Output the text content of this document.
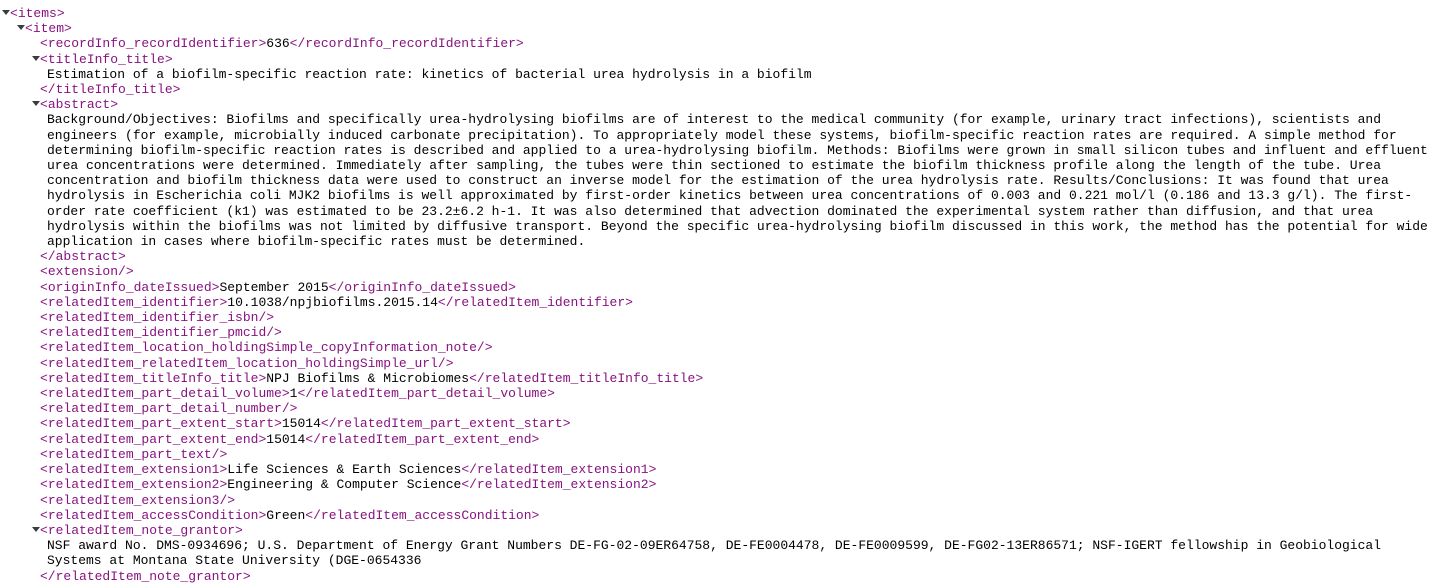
< items >
< item >
< recordInfo_recordIdentifier > 636 </ recordInfo_recordIdentifier >
< titleInfo_title >
Estimation of a biofilm-specific reaction rate: kinetics of bacterial urea hydrolysis in a biofilm
</ titleInfo_title >
< abstract >
Background/Objectives: Biofilms and specifically urea-hydrolysing biofilms are of interest to the medical community (for example, urinary tract infections), scientists and engineers (for example, microbially induced carbonate precipitation). To appropriately model these systems, biofilm-specific reaction rates are required. A simple method for determining biofilm-specific reaction rates is described and applied to a urea-hydrolysing biofilm. Methods: Biofilms were grown in small silicon tubes and influent and effluent urea concentrations were determined. Immediately after sampling, the tubes were thin sectioned to estimate the biofilm thickness profile along the length of the tube. Urea concentration and biofilm thickness data were used to construct an inverse model for the estimation of the urea hydrolysis rate. Results/Conclusions: It was found that urea hydrolysis in Escherichia coli MJK2 biofilms is well approximated by first-order kinetics between urea concentrations of 0.003 and 0.221 mol/l (0.186 and 13.3 g/l). The first-order rate coefficient (k1) was estimated to be 23.2±6.2 h-1. It was also determined that advection dominated the experimental system rather than diffusion, and that urea hydrolysis within the biofilms was not limited by diffusive transport. Beyond the specific urea-hydrolysing biofilm discussed in this work, the method has the potential for wide application in cases where biofilm-specific rates must be determined.
</ abstract >
< extension />
< originInfo_dateIssued > September 2015 </ originInfo_dateIssued >
< relatedItem_identifier > 10.1038/npjbiofilms.2015.14 </ relatedItem_identifier >
< relatedItem_identifier_isbn />
< relatedItem_identifier_pmcid />
< relatedItem_location_holdingSimple_copyInformation_note />
< relatedItem_relatedItem_location_holdingSimple_url />
< relatedItem_titleInfo_title > NPJ Biofilms & Microbiomes </ relatedItem_titleInfo_title >
< relatedItem_part_detail_volume > 1 </ relatedItem_part_detail_volume >
< relatedItem_part_detail_number />
< relatedItem_part_extent_start > 15014 </ relatedItem_part_extent_start >
< relatedItem_part_extent_end > 15014 </ relatedItem_part_extent_end >
< relatedItem_part_text />
< relatedItem_extension1 > Life Sciences & Earth Sciences </ relatedItem_extension1 >
< relatedItem_extension2 > Engineering & Computer Science </ relatedItem_extension2 >
< relatedItem_extension3 />
< relatedItem_accessCondition > Green </ relatedItem_accessCondition >
< relatedItem_note_grantor >
NSF award No. DMS-0934696; U.S. Department of Energy Grant Numbers DE-FG-02-09ER64758, DE-FE0004478, DE-FE0009599, DE-FG02-13ER86571; NSF-IGERT fellowship in Geobiological Systems at Montana State University (DGE-0654336
</ relatedItem_note_grantor >
